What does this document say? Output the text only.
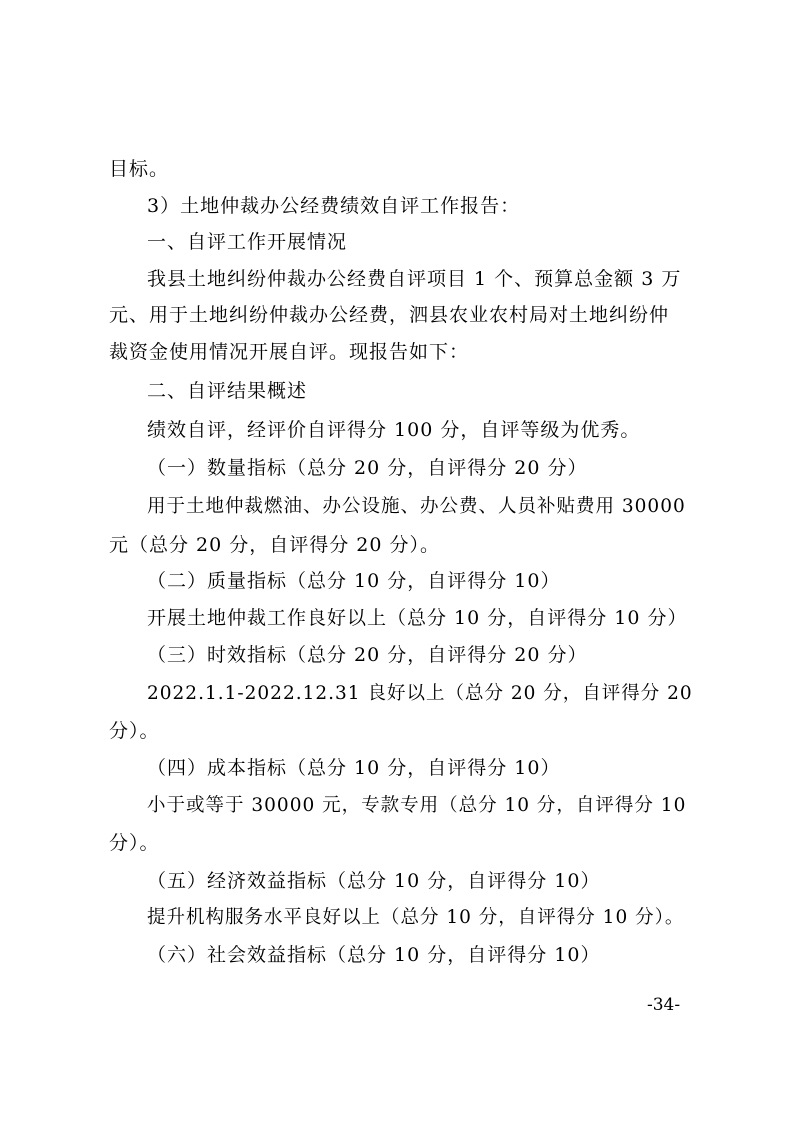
目标。
3）土地仲裁办公经费绩效自评工作报告：
一、自评工作开展情况
我县土地纠纷仲裁办公经费自评项目 1 个、预算总金额 3 万
元、用于土地纠纷仲裁办公经费，泗县农业农村局对土地纠纷仲
裁资金使用情况开展自评。现报告如下：
二、自评结果概述
绩效自评，经评价自评得分 100 分，自评等级为优秀。
（一）数量指标（总分 20 分，自评得分 20 分）
用于土地仲裁燃油、办公设施、办公费、人员补贴费用 30000
元（总分 20 分，自评得分 20 分）。
（二）质量指标（总分 10 分，自评得分 10）
开展土地仲裁工作良好以上（总分 10 分，自评得分 10 分）
（三）时效指标（总分 20 分，自评得分 20 分）
2022.1.1-2022.12.31 良好以上（总分 20 分，自评得分 20
分）。
（四）成本指标（总分 10 分，自评得分 10）
小于或等于 30000 元，专款专用（总分 10 分，自评得分 10
分）。
（五）经济效益指标（总分 10 分，自评得分 10）
提升机构服务水平良好以上（总分 10 分，自评得分 10 分）。
（六）社会效益指标（总分 10 分，自评得分 10）
-34-
